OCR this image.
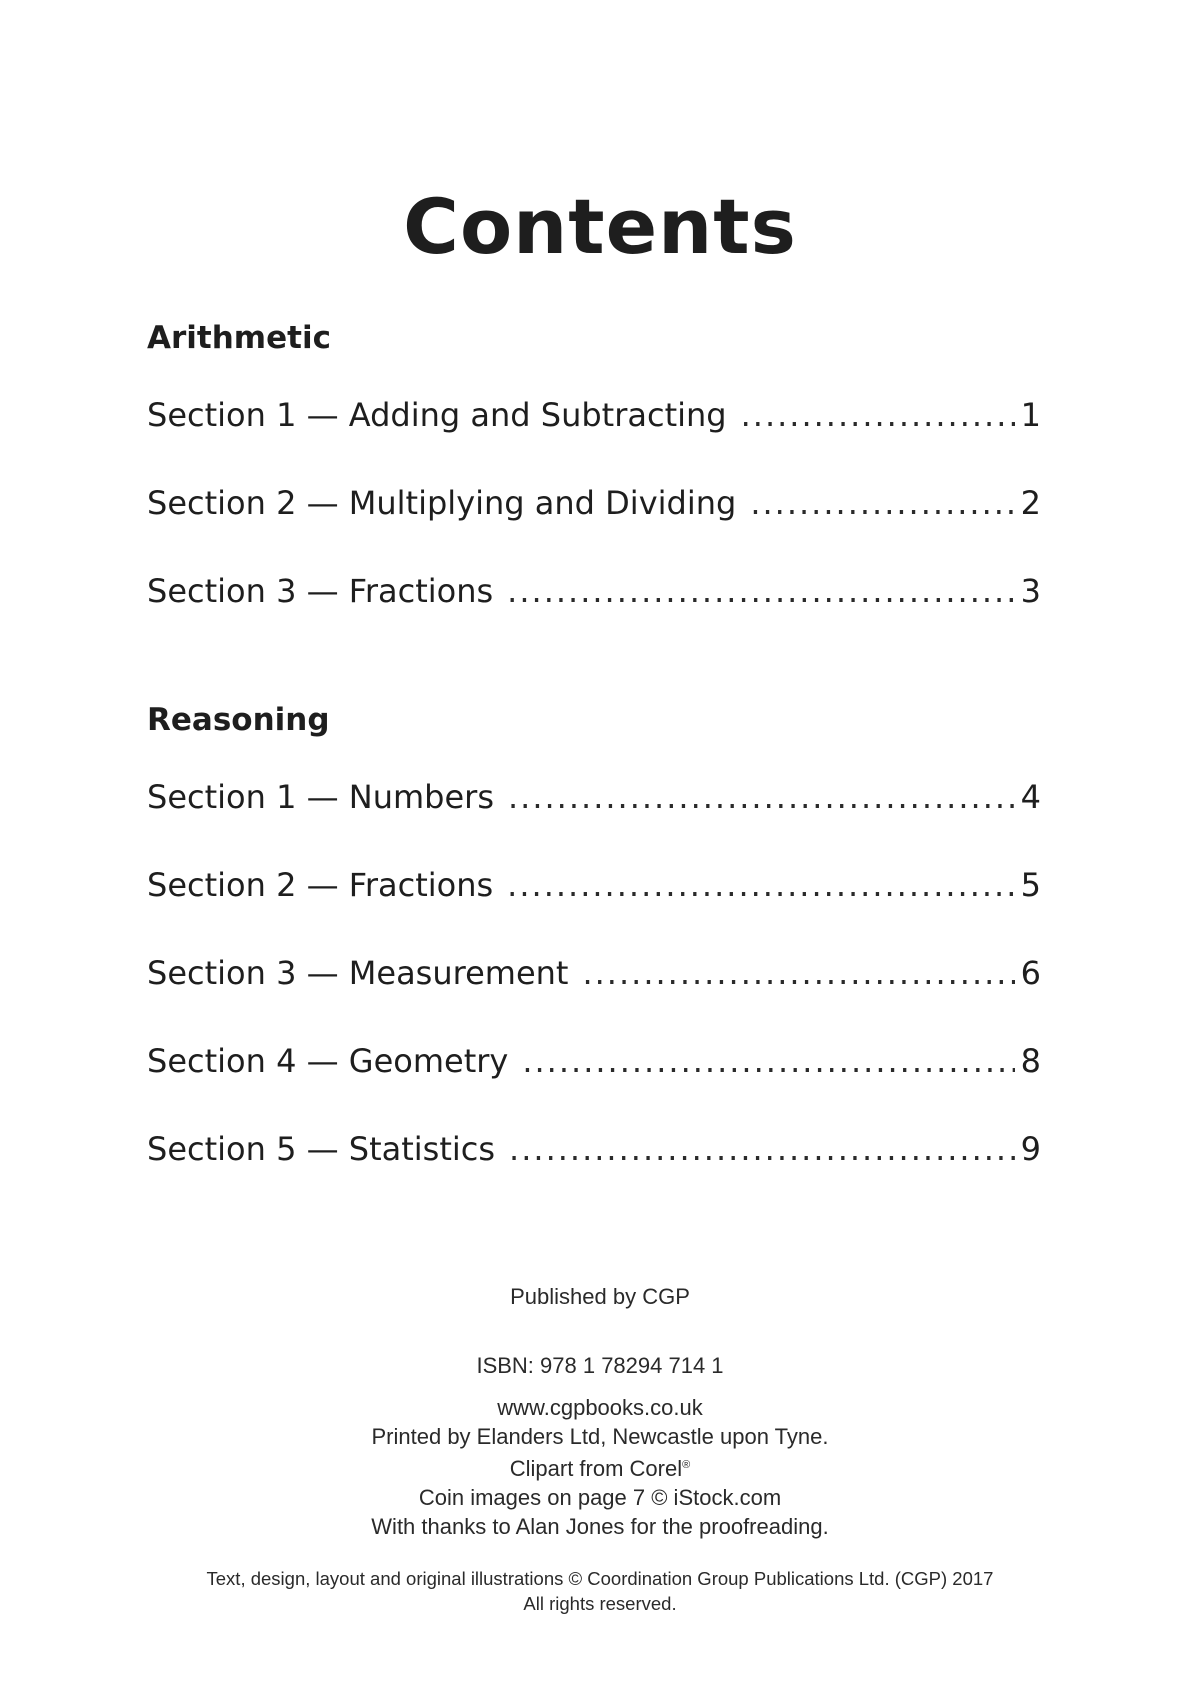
Contents
Arithmetic
Section 1 — Adding and Subtracting .....	1
Section 2 — Multiplying and Dividing .....	2
Section 3 — Fractions .....	3
Reasoning
Section 1 — Numbers .....	4
Section 2 — Fractions .....	5
Section 3 — Measurement .....	6
Section 4 — Geometry .....	8
Section 5 — Statistics .....	9

Published by CGP

ISBN: 978 1 78294 714 1

www.cgpbooks.co.uk

Printed by Elanders Ltd, Newcastle upon Tyne.

Clipart from Corel®

Coin images on page 7 © iStock.com

With thanks to Alan Jones for the proofreading.

Text, design, layout and original illustrations © Coordination Group Publications Ltd. (CGP) 2017

All rights reserved.
